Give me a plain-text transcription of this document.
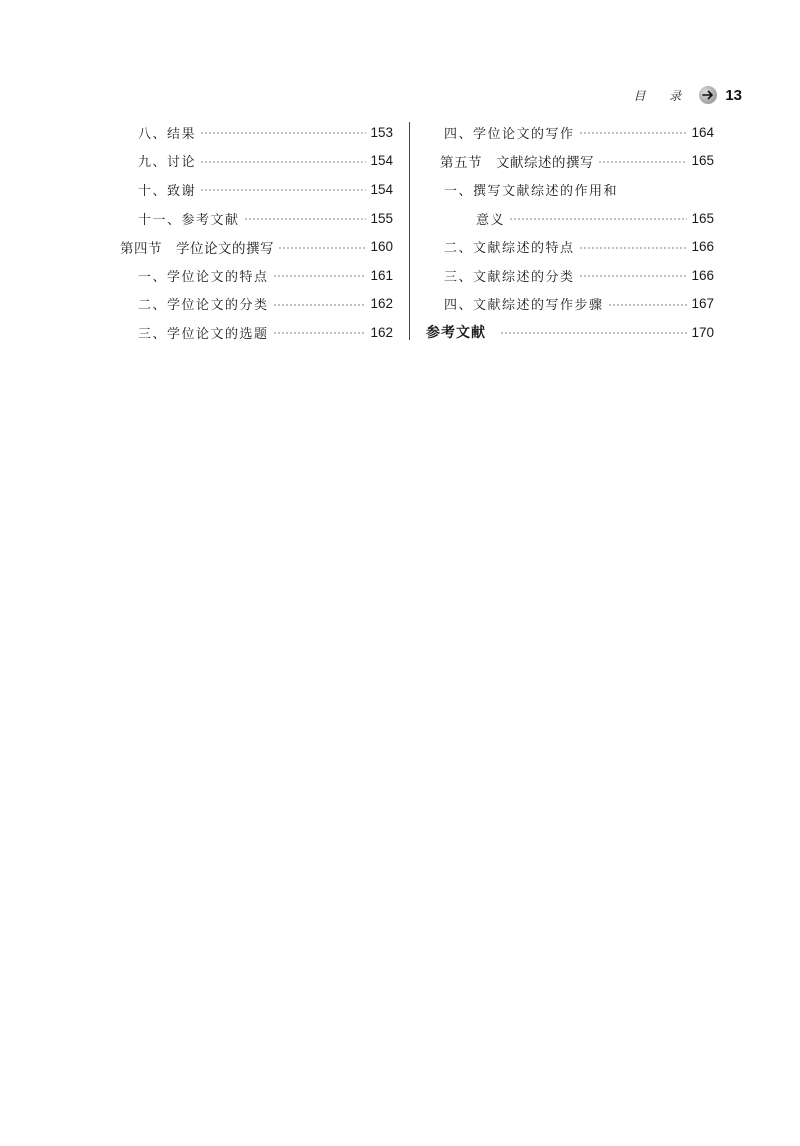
目 录 13
八、结果	153
九、讨论	154
十、致谢	154
十一、参考文献	155
第四节　学位论文的撰写	160
一、学位论文的特点	161
二、学位论文的分类	162
三、学位论文的选题	162
四、学位论文的写作	164
第五节　文献综述的撰写	165
一、撰写文献综述的作用和
意义	165
二、文献综述的特点	166
三、文献综述的分类	166
四、文献综述的写作步骤	167
参考文献	170
